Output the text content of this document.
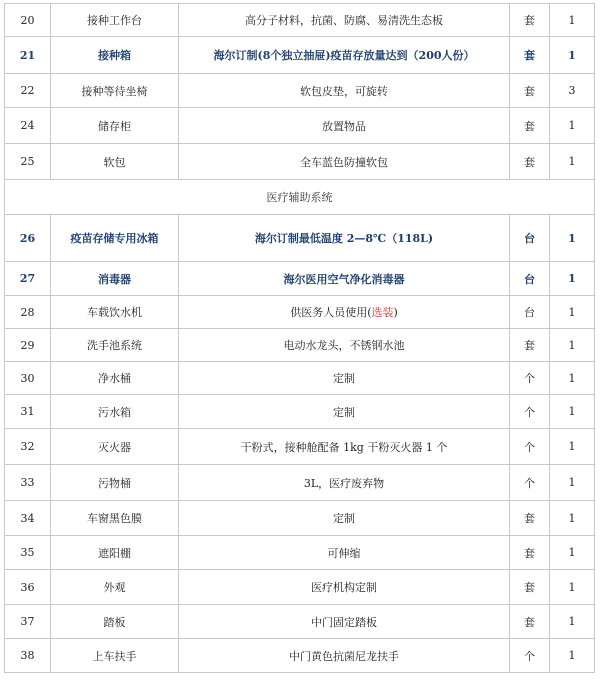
20	接种工作台	高分子材料，抗菌、防腐、易清洗生态板	套	1
21	接种箱	海尔订制(8个独立抽屉)疫苗存放量达到（200人份）	套	1
22	接种等待坐椅	软包皮垫，可旋转	套	3
24	储存柜	放置物品	套	1
25	软包	全车蓝色防撞软包	套	1
医疗辅助系统				
26	疫苗存储专用冰箱	海尔订制最低温度 2—8℃（118L)	台	1
27	消毒器	海尔医用空气净化消毒器	台	1
28	车载饮水机	供医务人员使用(选装)	台	1
29	洗手池系统	电动水龙头，不锈钢水池	套	1
30	净水桶	定制	个	1
31	污水箱	定制	个	1
32	灭火器	干粉式，接种舱配备 1kg 干粉灭火器 1 个	个	1
33	污物桶	3L，医疗废弃物	个	1
34	车窗黑色膜	定制	套	1
35	遮阳棚	可伸缩	套	1
36	外观	医疗机构定制	套	1
37	踏板	中门固定踏板	套	1
38	上车扶手	中门黄色抗菌尼龙扶手	个	1
